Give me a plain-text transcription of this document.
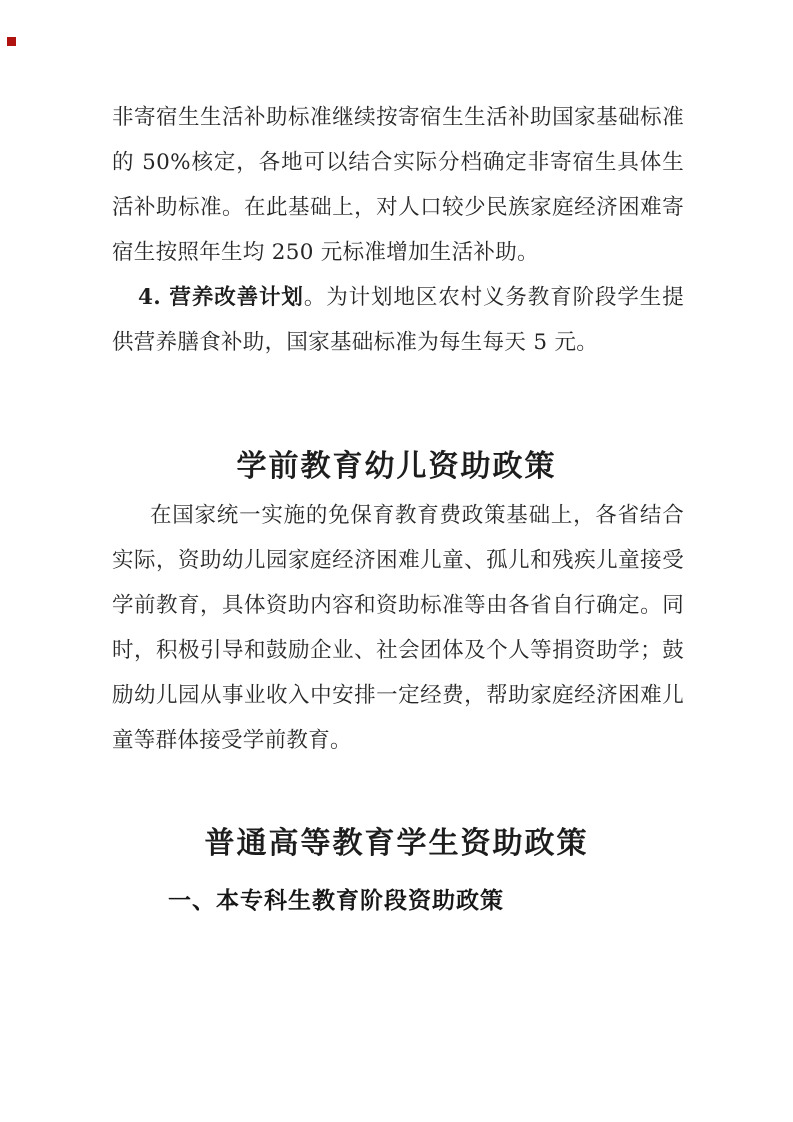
非寄宿生生活补助标准继续按寄宿生生活补助国家基础标准的 50%核定，各地可以结合实际分档确定非寄宿生具体生活补助标准。在此基础上，对人口较少民族家庭经济困难寄宿生按照年生均 250 元标准增加生活补助。

4. 营养改善计划。为计划地区农村义务教育阶段学生提供营养膳食补助，国家基础标准为每生每天 5 元。

学前教育幼儿资助政策

在国家统一实施的免保育教育费政策基础上，各省结合实际，资助幼儿园家庭经济困难儿童、孤儿和残疾儿童接受学前教育，具体资助内容和资助标准等由各省自行确定。同时，积极引导和鼓励企业、社会团体及个人等捐资助学；鼓励幼儿园从事业收入中安排一定经费，帮助家庭经济困难儿童等群体接受学前教育。

普通高等教育学生资助政策
一、本专科生教育阶段资助政策
